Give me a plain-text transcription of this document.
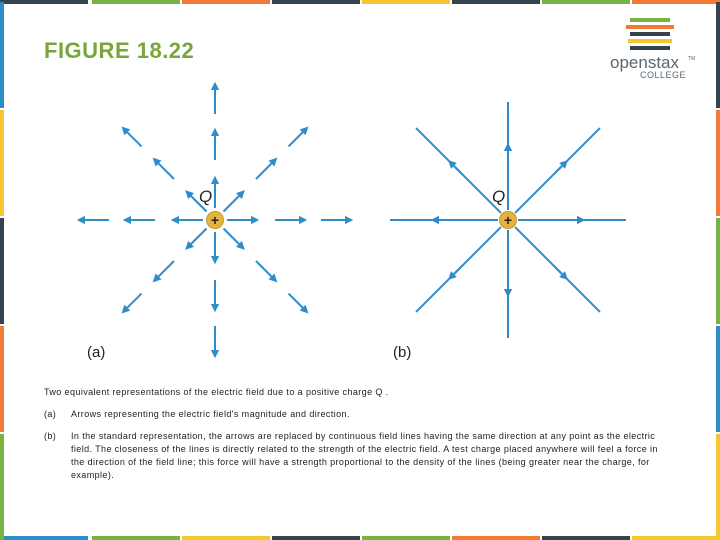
FIGURE 18.22	openstax TM
COLLEGE
+	+
Q	Q
(a)	(b)

Two equivalent representations of the electric field due to a positive charge Q .

(a)	Arrows representing the electric field's magnitude and direction.
(b)	In the standard representation, the arrows are replaced by continuous field lines having the same direction at any point as the electric field. The closeness of the lines is directly related to the strength of the electric field. A test charge placed anywhere will feel a force in the direction of the field line; this force will have a strength proportional to the density of the lines (being greater near the charge, for example).
